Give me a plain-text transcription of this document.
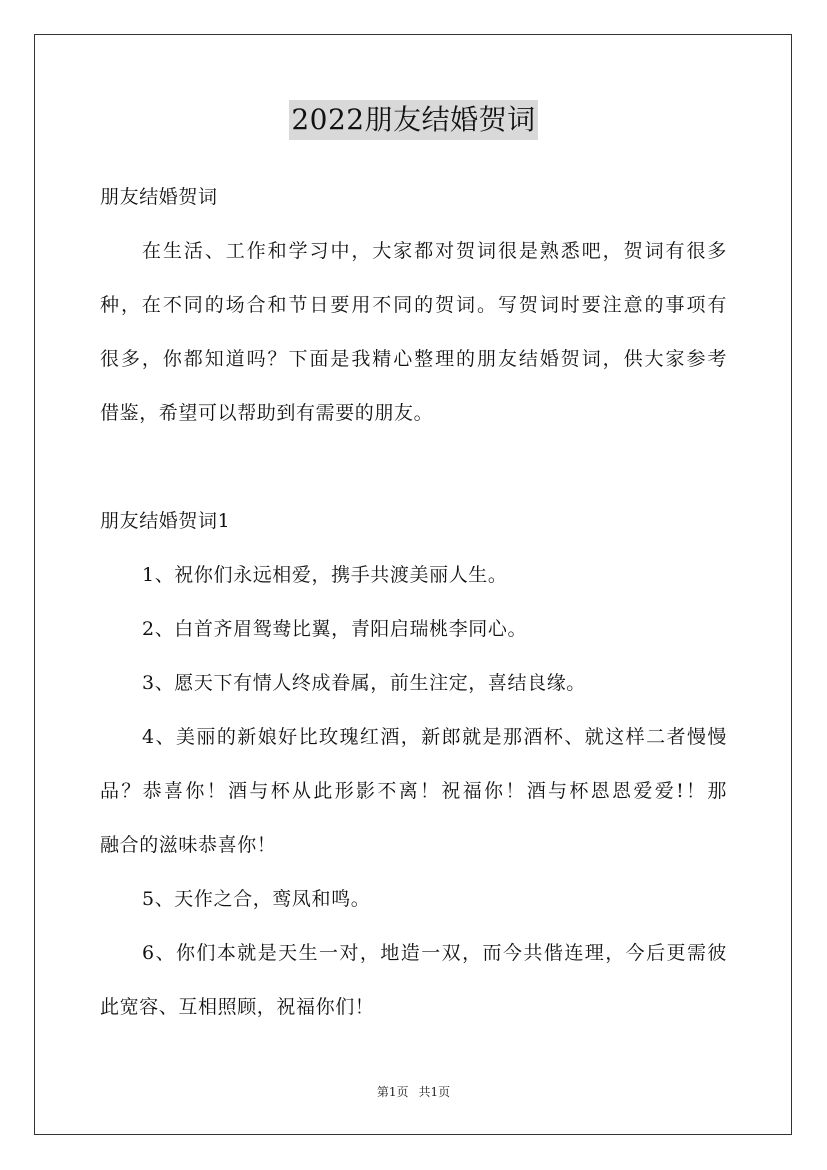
2022朋友结婚贺词
朋友结婚贺词
在生活、工作和学习中，大家都对贺词很是熟悉吧，贺词有很多
种，在不同的场合和节日要用不同的贺词。写贺词时要注意的事项有
很多，你都知道吗？下面是我精心整理的朋友结婚贺词，供大家参考
借鉴，希望可以帮助到有需要的朋友。
朋友结婚贺词1
1、祝你们永远相爱，携手共渡美丽人生。
2、白首齐眉鸳鸯比翼，青阳启瑞桃李同心。
3、愿天下有情人终成眷属，前生注定，喜结良缘。
4、美丽的新娘好比玫瑰红酒，新郎就是那酒杯、就这样二者慢慢
品？恭喜你！酒与杯从此形影不离！祝福你！酒与杯恩恩爱爱!！那
融合的滋味恭喜你！
5、天作之合，鸾凤和鸣。
6、你们本就是天生一对，地造一双，而今共偕连理，今后更需彼
此宽容、互相照顾，祝福你们！
第1页 共1页
